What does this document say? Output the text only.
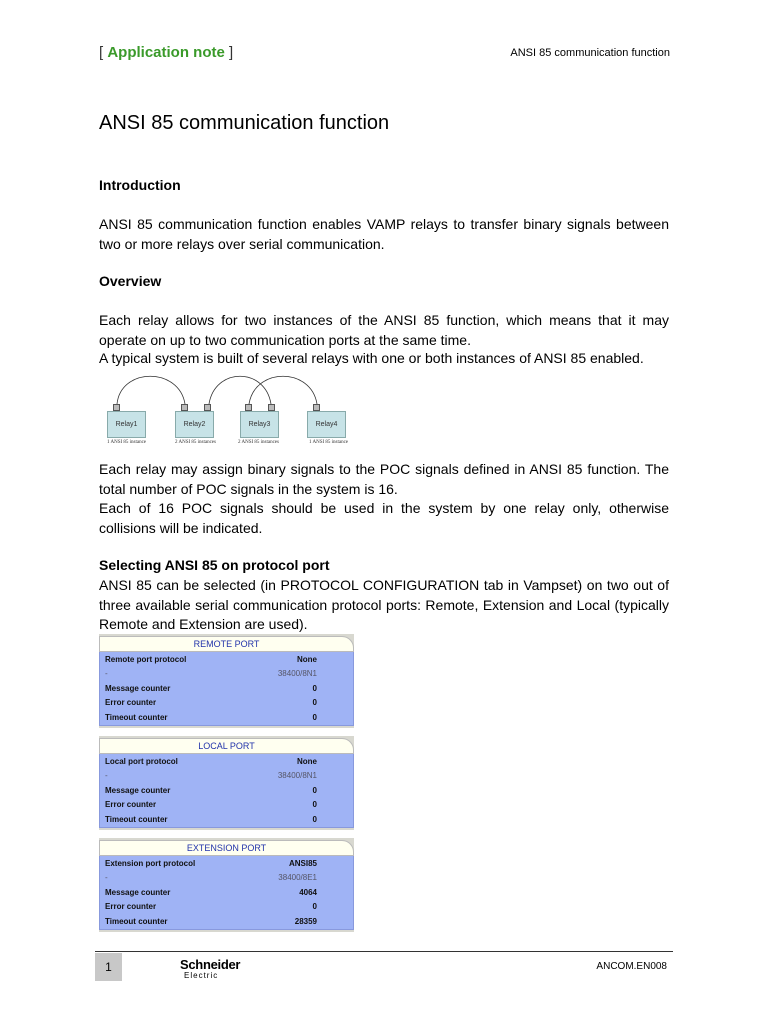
[ Application note ]	ANSI 85 communication function
ANSI 85 communication function
Introduction

ANSI 85 communication function enables VAMP relays to transfer binary signals between two or more relays over serial communication.

Overview

Each relay allows for two instances of the ANSI 85 function, which means that it may operate on up to two communication ports at the same time.

A typical system is built of several relays with one or both instances of ANSI 85 enabled.

Relay1
1 ANSI 85 instance
Relay2
2 ANSI 85 instances
Relay3
2 ANSI 85 instances
Relay4
1 ANSI 85 instance

Each relay may assign binary signals to the POC signals defined in ANSI 85 function. The total number of POC signals in the system is 16.

Each of 16 POC signals should be used in the system by one relay only, otherwise collisions will be indicated.

Selecting ANSI 85 on protocol port

ANSI 85 can be selected (in PROTOCOL CONFIGURATION tab in Vampset) on two out of three available serial communication protocol ports: Remote, Extension and Local (typically Remote and Extension are used).

REMOTE PORT
Remote port protocol	None
-	38400/8N1
Message counter	0
Error counter	0
Timeout counter	0
LOCAL PORT
Local port protocol	None
-	38400/8N1
Message counter	0
Error counter	0
Timeout counter	0
EXTENSION PORT
Extension port protocol	ANSI85
-	38400/8E1
Message counter	4064
Error counter	0
Timeout counter	28359
1	Schneider
Electric
ANCOM.EN008
